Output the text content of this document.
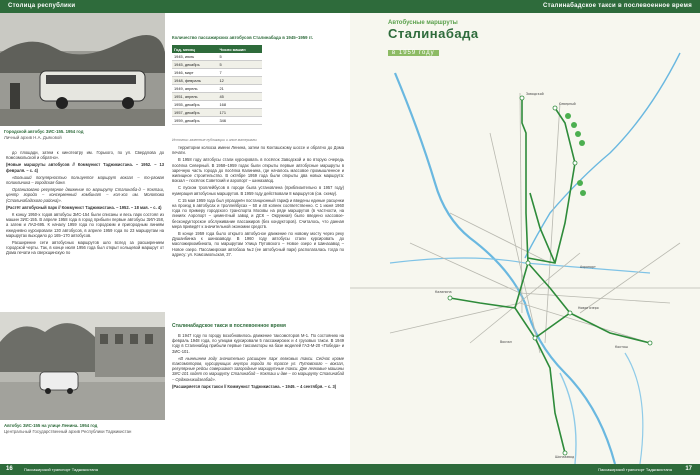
Столица республики
Городской автобус ЗИС-155. 1954 год
Личный архив Н.А. Дьяковой

до площади, затем к кинотеатру им. Горького, по ул. Свердлова до Комсомольской и обратно».

(Новые маршруты автобусов // Коммунист Таджикистана. – 1952. – 13 февраля. – с. 4)

«Больший популярностью пользуется маршрут вокзал – то-рговая поликлиника – городская баня.

Организовано регулярное движение по маршруту Сталинаба-д – Кокташ, центр города – консервенный комбинат – кол-хоз им. Молотова (Сталинабадского района)».

(Растёт автобусный парк // Коммунист Таджикистана. – 1952. – 18 мая. – с. 4)

К концу 1950-х годов автобусы ЗИС-154 были списаны и весь парк состоял из машин ЗИС-155. В апреле 1958 года в город прибыли первые автобусы ЗИЛ-158, а затем и ЛАЗ-695. К началу 1959 года по городским и пригородным линиям ежедневно курсировали 130 автобусов, в апреле 1959 года по 23 маршрутам на маршрутах выходило до 165–170 автобусов.

Расширение сети автобусных маршрутов шло вслед за расширением городской черты. Так, в конце июля 1956 года был открыт кольцевой маршрут от Дома печати на сверхщинскую по

Автобус ЗИС-155 на улице Ленина. 1954 год
Центральный Государственный архив Республики Таджикистан
Количество пассажирских автобусов Сталинабада в 1945–1959 гг.
Год, месяц	Число машин
1945, июль	5
1945, декабрь	5
1946, март	7
1948, февраль	12
1949, апрель	21
1951, апрель	45
1955, декабрь	168
1957, декабрь	171
1959, декабрь	346
Источник: газетные публикации и иные материалы

территории колхоза имени Ленина, затем по Кокташскому шоссе и обратно до Дома печати.

В 1958 году автобусы стали курсировать в посёлок Заводской и во вторую очередь посёлка Северный. В 1958–1959 годах были открыты первые автобусные маршруты в заречную часть города до посёлка Калинина, где началось массовое промышленное и жилищное строительство. В октябре 1959 года были открыты два новых маршрута: вокзал – посёлок Советский и аэропорт – шиназавод.

С пуском троллейбусов в городе была установлена (приблизительно в 1957 году) нумерация автобусных маршрутов. В 1959 году действовали 8 маршрутов (см. схему).

С 15 мая 1959 года был упразднён постанционный тариф и введены единые расценки на проезд в автобусах и троллейбусах – 50 и 40 копеек соответственно. С 1 июня 1960 года по примеру городского транспорта Москвы на ряде маршрутов (в частности, на линиях Аэропорт – цементный завод и ДСК – Окружная) было введено кассовое-бескондукторское обслуживание пассажиров (без кондукторов). Считалось, что данная мера приведёт к значительной экономии средств.

В конце 1959 года было открыто автобусное движение по новому мосту через реку Душанбинка к шиназаводу. В 1960 году автобусы стали курсировать до масложиркомбината, по маршрутам Улица Путовского – Новое озеро и Шиназавод – Новое озеро. Пассажирская автобаза №2 (ее автобусный парк) располагалась тогда по адресу: ул. Комсомольская, 37.

Сталинабадское такси в послевоенное время

В 1947 году по городу возобновилось движение таксомоторов М-1. По состоянию на февраль 1948 года, по улицам курсировали 5 пассажирских и 4 грузовых такси. В 1949 году в Сталинабад прибыли первые таксомоторы на базе моделей ГАЗ-М-20 «Победа» и ЗИС-101.

«В нынешнем году значительно расширен парк легковых такси. Сейчас кроме таксомоторов, курсирующих внутри города по трассе ул. Путовского – вокзал, регулярные рейсы совершают загородные маршрутные такси. Две легковые машины ЗИС-101 ходят по маршруту Сталинабад – Кокташ и две – по маршруту Сталинабад – Орджоникидзеабад».

(Расширяется парк такси // Коммунист Таджикистана. – 1949. – 4 сентября. – с. 3)

16	Пассажирский транспорт Таджикистана
Сталинабадское такси в послевоенное время
Пассажирский транспорт Таджикистана 17
Заводской
Кокташ
Северный
Калинина
Шиназавод
Аэропорт
Вокзал
Новое озеро
Автобусные маршруты
Сталинабада
в 1959 году
